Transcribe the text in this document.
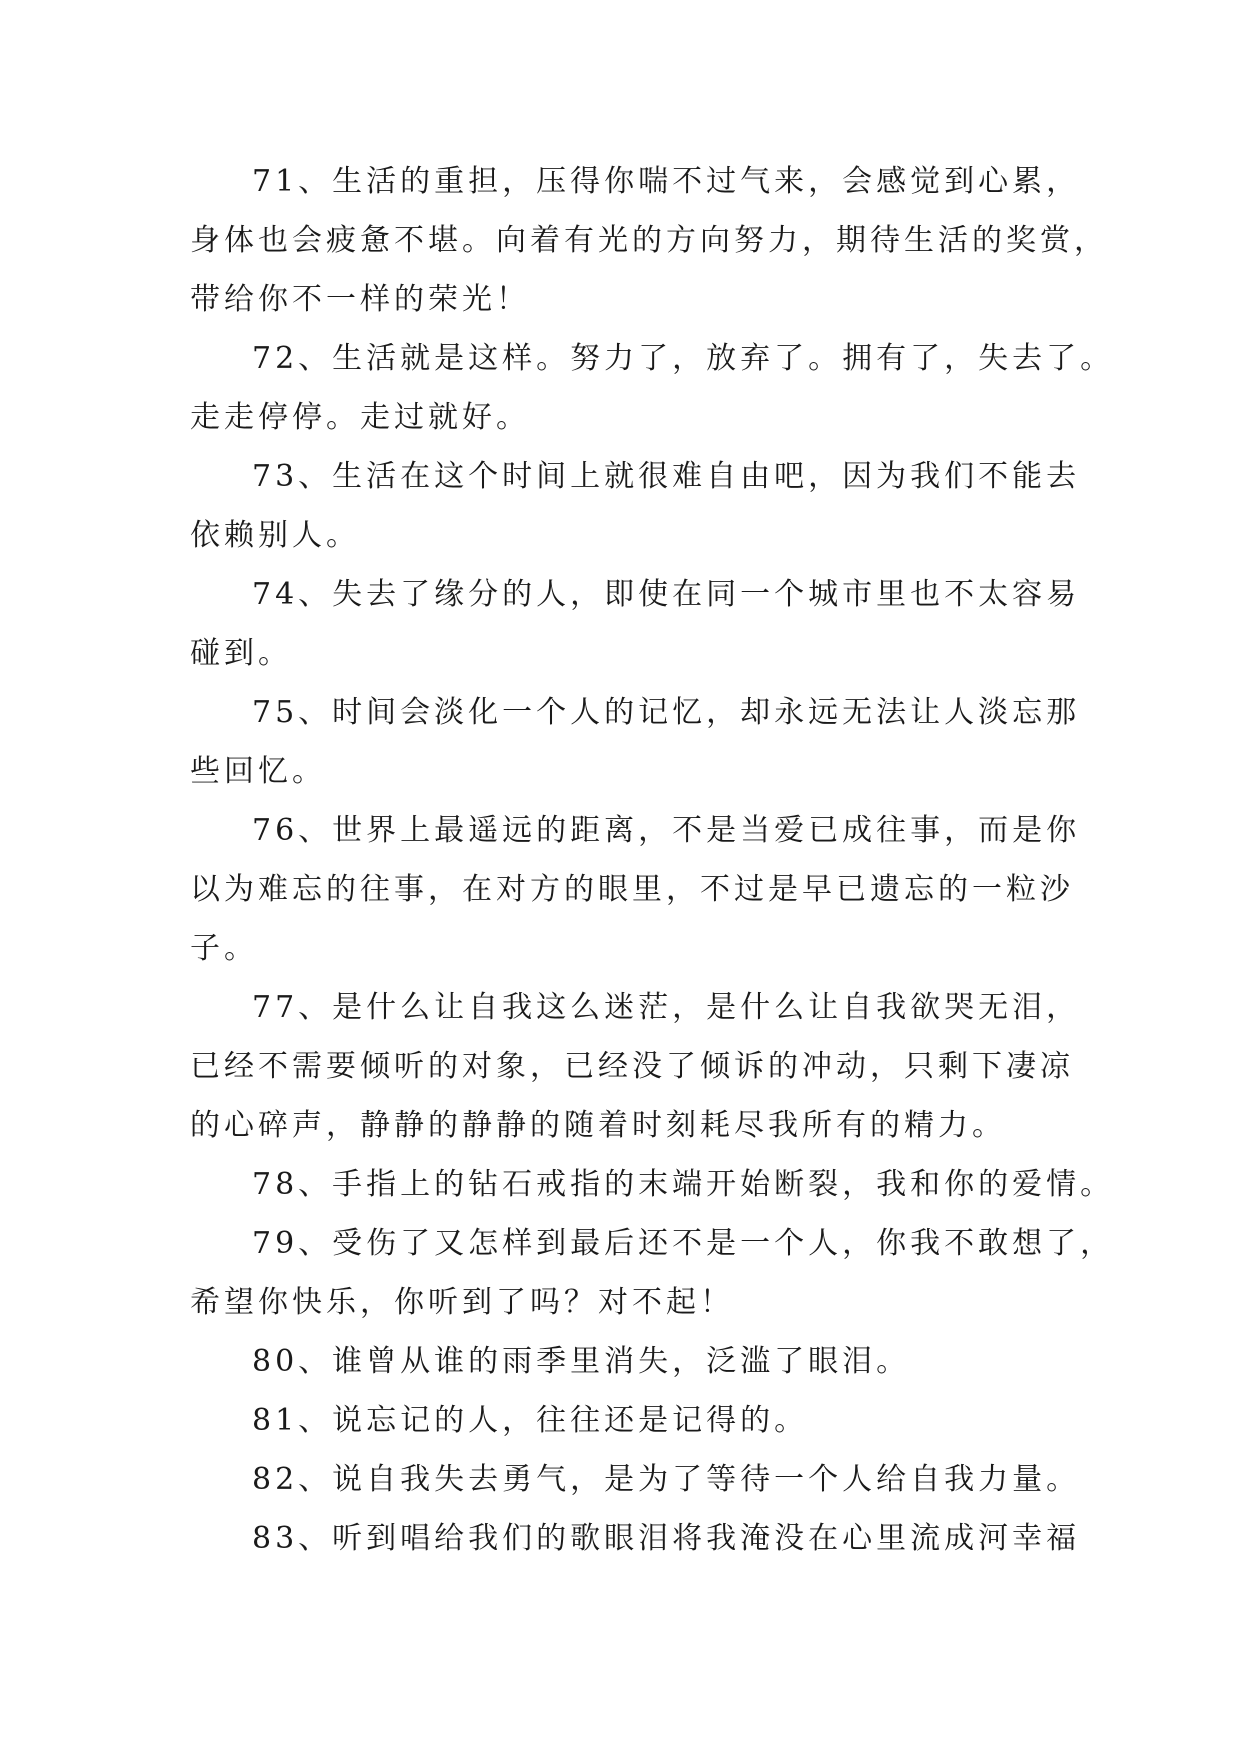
71、生活的重担，压得你喘不过气来，会感觉到心累，
身体也会疲惫不堪。向着有光的方向努力，期待生活的奖赏，
带给你不一样的荣光！

72、生活就是这样。努力了，放弃了。拥有了，失去了。
走走停停。走过就好。

73、生活在这个时间上就很难自由吧，因为我们不能去
依赖别人。

74、失去了缘分的人，即使在同一个城市里也不太容易
碰到。

75、时间会淡化一个人的记忆，却永远无法让人淡忘那
些回忆。

76、世界上最遥远的距离，不是当爱已成往事，而是你
以为难忘的往事，在对方的眼里，不过是早已遗忘的一粒沙
子。

77、是什么让自我这么迷茫，是什么让自我欲哭无泪，
已经不需要倾听的对象，已经没了倾诉的冲动，只剩下凄凉
的心碎声，静静的静静的随着时刻耗尽我所有的精力。

78、手指上的钻石戒指的末端开始断裂，我和你的爱情。

79、受伤了又怎样到最后还不是一个人，你我不敢想了，
希望你快乐，你听到了吗？对不起！

80、谁曾从谁的雨季里消失，泛滥了眼泪。

81、说忘记的人，往往还是记得的。

82、说自我失去勇气，是为了等待一个人给自我力量。

83、听到唱给我们的歌眼泪将我淹没在心里流成河幸福
